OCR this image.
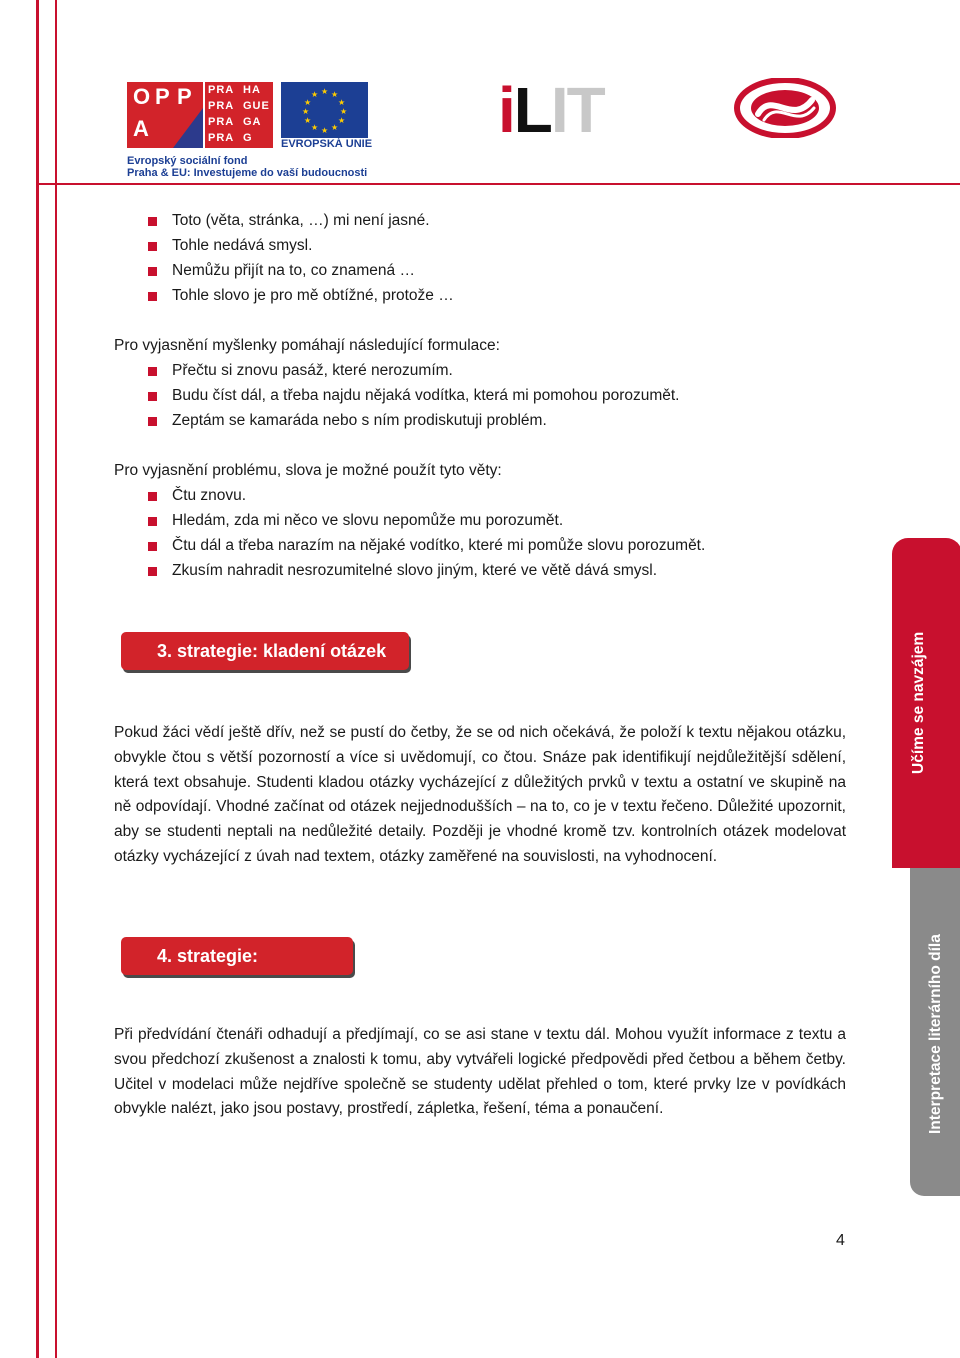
O P P
A
PRA HA
PRA GUE
PRA GA
PRA G
★ ★
★
★
★
★
★
★
★
★
★
★
EVROPSKÁ UNIE
Evropský sociální fond
Praha & EU: Investujeme do vaší budoucnosti
iLIT
Toto (věta, stránka, …) mi není jasné.
Tohle nedává smysl.
Nemůžu přijít na to, co znamená …
Tohle slovo je pro mě obtížné, protože …
Pro vyjasnění myšlenky pomáhají následující formulace:
Přečtu si znovu pasáž, které nerozumím.
Budu číst dál, a třeba najdu nějaká vodítka, která mi pomohou porozumět.
Zeptám se kamaráda nebo s ním prodiskutuji problém.
Pro vyjasnění problému, slova je možné použít tyto věty:
Čtu znovu.
Hledám, zda mi něco ve slovu nepomůže mu porozumět.
Čtu dál a třeba narazím na nějaké vodítko, které mi pomůže slovu porozumět.
Zkusím nahradit nesrozumitelné slovo jiným, které ve větě dává smysl.
3. strategie: kladení otázek
Pokud žáci vědí ještě dřív, než se pustí do četby, že se od nich očekává, že položí k textu nějakou otázku, obvykle čtou s větší pozorností a více si uvědomují, co čtou. Snáze pak identifikují nejdůležitější sdělení, která text obsahuje. Studenti kladou otázky vycházející z důležitých prvků v textu a ostatní ve skupině na ně odpovídají. Vhodné začínat od otázek nejjednodušších – na to, co je v textu řečeno. Důležité upozornit, aby se studenti neptali na nedůležité detaily. Později je vhodné kromě tzv. kontrolních otázek modelovat otázky vycházející z úvah nad textem, otázky zaměřené na souvislosti, na vyhodnocení.
4. strategie: předvídání
Při předvídání čtenáři odhadují a předjímají, co se asi stane v textu dál. Mohou využít informace z textu a svou předchozí zkušenost a znalosti k tomu, aby vytvářeli logické předpovědi před četbou a během četby. Učitel v modelaci může nejdříve společně se studenty udělat přehled o tom, které prvky lze v povídkách obvykle nalézt, jako jsou postavy, prostředí, zápletka, řešení, téma a ponaučení.
Učíme se navzájem
Interpretace literárního díla
4
